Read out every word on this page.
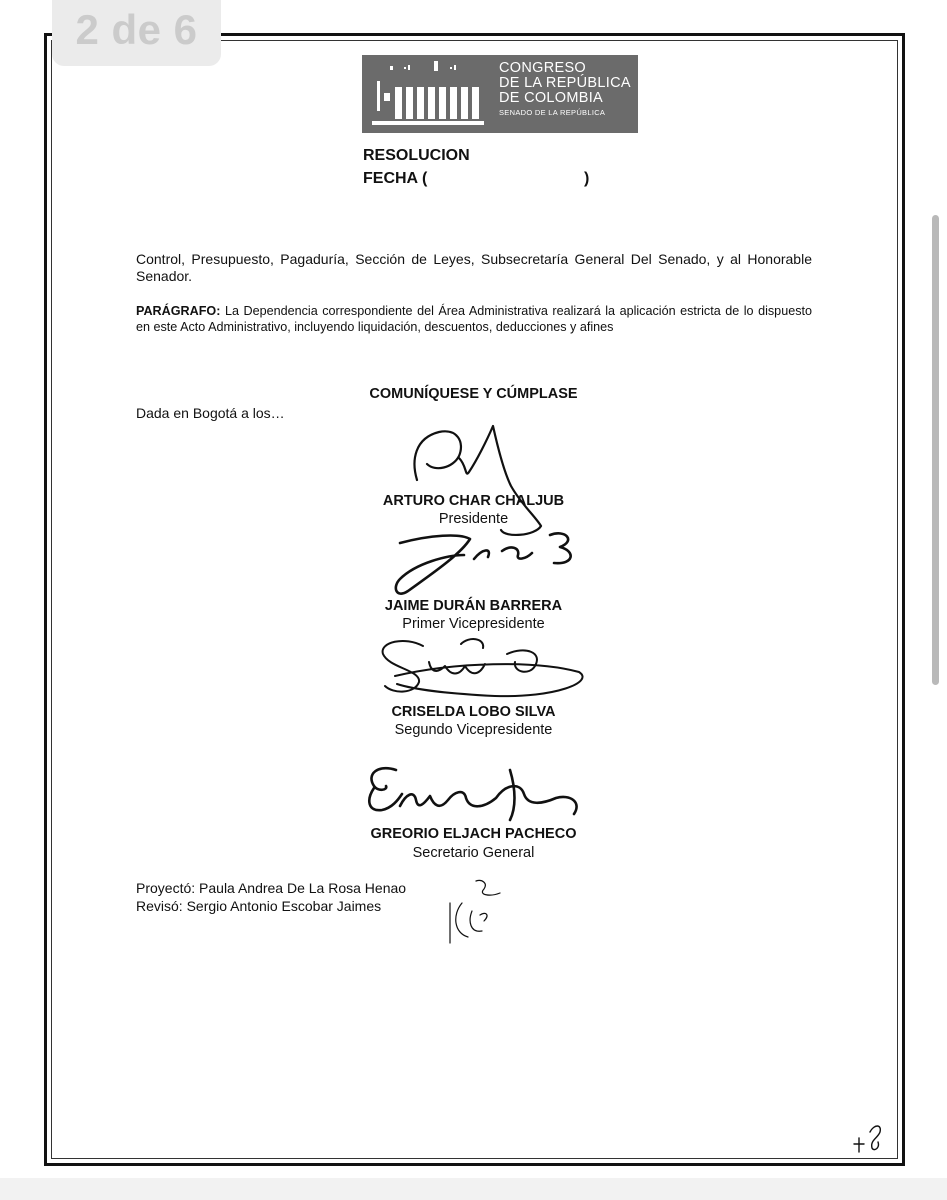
2 de 6
CONGRESO
DE LA REPÚBLICA
DE COLOMBIA
SENADO DE LA REPÚBLICA
RESOLUCION
FECHA (	)
Control, Presupuesto, Pagaduría, Sección de Leyes, Subsecretaría General Del Senado, y al Honorable Senador.
PARÁGRAFO: La Dependencia correspondiente del Área Administrativa realizará la aplicación estricta de lo dispuesto en este Acto Administrativo, incluyendo liquidación, descuentos, deducciones y afines
COMUNÍQUESE Y CÚMPLASE
Dada en Bogotá a los…
ARTURO CHAR CHALJUB
Presidente
JAIME DURÁN BARRERA
Primer Vicepresidente
CRISELDA LOBO SILVA
Segundo Vicepresidente
GREORIO ELJACH PACHECO
Secretario General
Proyectó: Paula Andrea De La Rosa Henao
Revisó: Sergio Antonio Escobar Jaimes
